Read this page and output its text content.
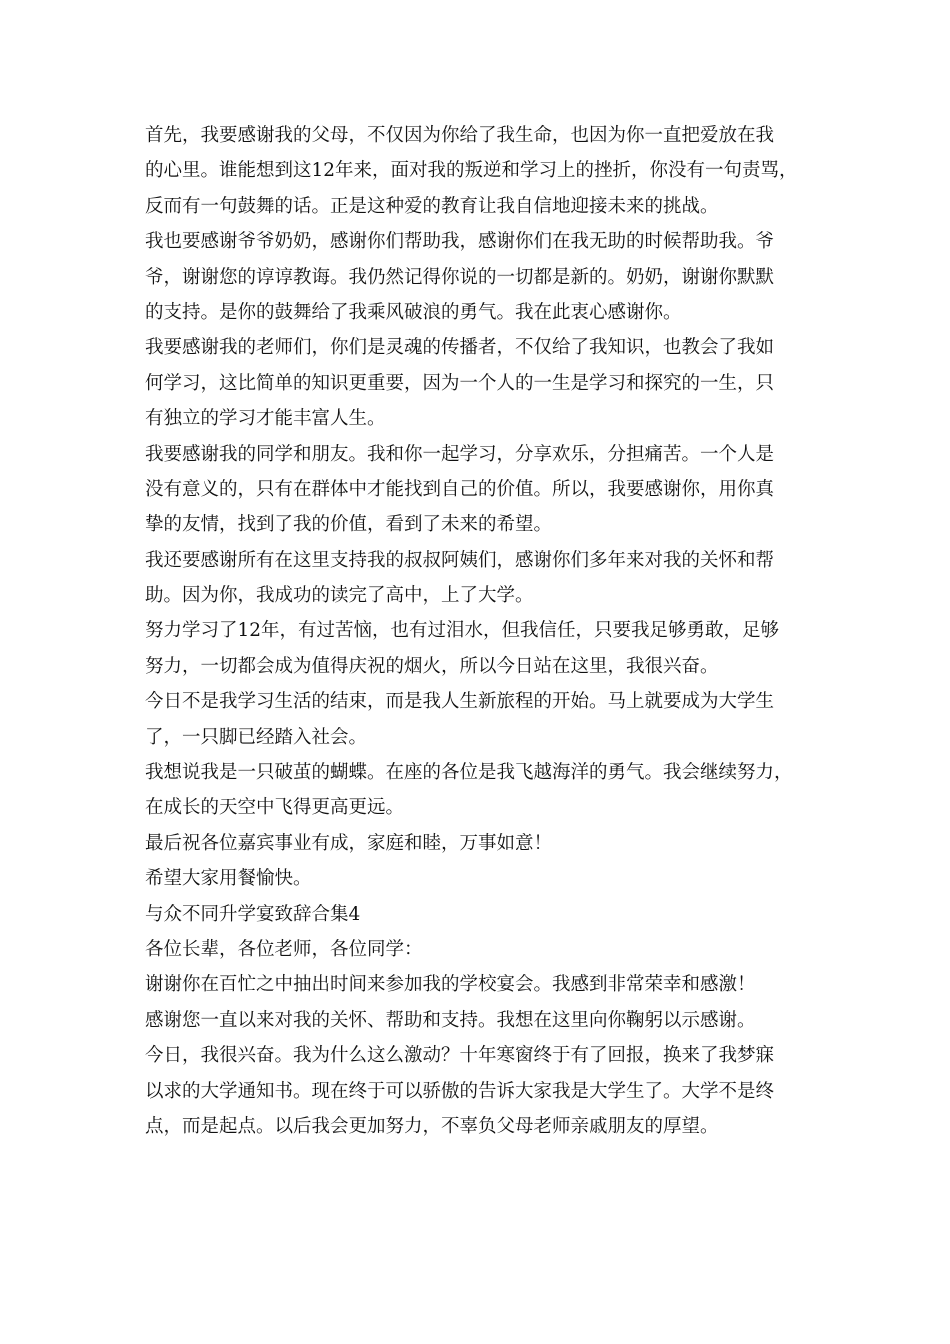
首先，我要感谢我的父母，不仅因为你给了我生命，也因为你一直把爱放在我
的心里。谁能想到这12年来，面对我的叛逆和学习上的挫折，你没有一句责骂，
反而有一句鼓舞的话。正是这种爱的教育让我自信地迎接未来的挑战。
我也要感谢爷爷奶奶，感谢你们帮助我，感谢你们在我无助的时候帮助我。爷
爷，谢谢您的谆谆教诲。我仍然记得你说的一切都是新的。奶奶，谢谢你默默
的支持。是你的鼓舞给了我乘风破浪的勇气。我在此衷心感谢你。
我要感谢我的老师们，你们是灵魂的传播者，不仅给了我知识，也教会了我如
何学习，这比简单的知识更重要，因为一个人的一生是学习和探究的一生，只
有独立的学习才能丰富人生。
我要感谢我的同学和朋友。我和你一起学习，分享欢乐，分担痛苦。一个人是
没有意义的，只有在群体中才能找到自己的价值。所以，我要感谢你，用你真
挚的友情，找到了我的价值，看到了未来的希望。
我还要感谢所有在这里支持我的叔叔阿姨们，感谢你们多年来对我的关怀和帮
助。因为你，我成功的读完了高中，上了大学。
努力学习了12年，有过苦恼，也有过泪水，但我信任，只要我足够勇敢，足够
努力，一切都会成为值得庆祝的烟火，所以今日站在这里，我很兴奋。
今日不是我学习生活的结束，而是我人生新旅程的开始。马上就要成为大学生
了，一只脚已经踏入社会。
我想说我是一只破茧的蝴蝶。在座的各位是我飞越海洋的勇气。我会继续努力，
在成长的天空中飞得更高更远。
最后祝各位嘉宾事业有成，家庭和睦，万事如意！
希望大家用餐愉快。
与众不同升学宴致辞合集4
各位长辈，各位老师，各位同学：
谢谢你在百忙之中抽出时间来参加我的学校宴会。我感到非常荣幸和感激！
感谢您一直以来对我的关怀、帮助和支持。我想在这里向你鞠躬以示感谢。
今日，我很兴奋。我为什么这么激动？十年寒窗终于有了回报，换来了我梦寐
以求的大学通知书。现在终于可以骄傲的告诉大家我是大学生了。大学不是终
点，而是起点。以后我会更加努力，不辜负父母老师亲戚朋友的厚望。
